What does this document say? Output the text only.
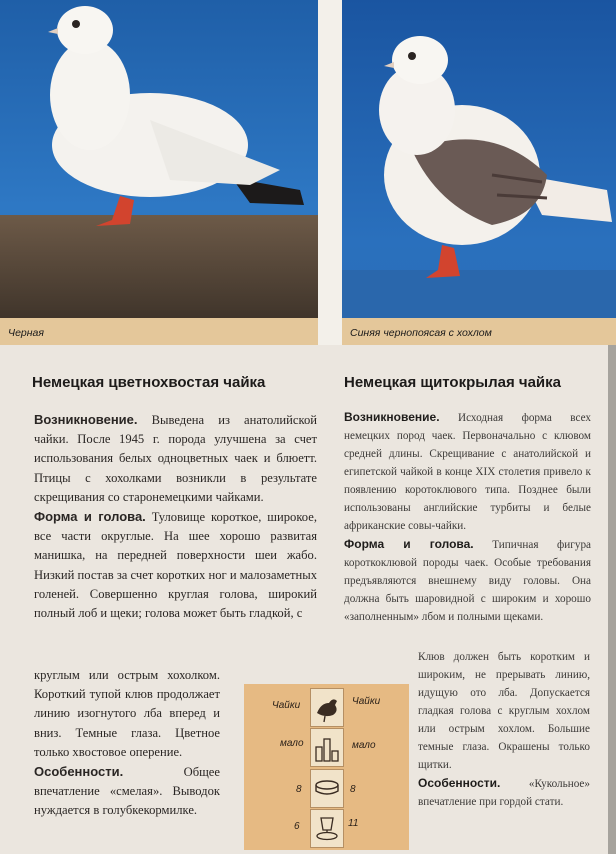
Черная	Синяя чернопоясая с хохлом
Немецкая цветнохвостая чайка

Возникновение. Выведена из анатолийской чайки. После 1945 г. порода улучшена за счет использования белых одноцветных чаек и блюетт. Птицы с хохолками возникли в результате скрещивания со старонемецкими чайками.

Форма и голова. Туловище короткое, широкое, все части округлые. На шее хорошо развитая манишка, на передней поверхности шеи жабо. Низкий постав за счет коротких ног и малозаметных голеней. Совершенно круглая голова, широкий полный лоб и щеки; голова может быть гладкой, с

круглым или острым хохолком. Короткий тупой клюв продолжает линию изогнутого лба вперед и вниз. Темные глаза. Цветное только хвостовое оперение.

Особенности.	Общее впечатление «смелая». Выводок нуждается в голубкекормилке.

Немецкая щитокрылая чайка

Возникновение. Исходная форма всех немецких пород чаек. Первоначально с клювом средней длины. Скрещивание с анатолийской и египетской чайкой в конце XIX столетия привело к появлению коротоклювого типа. Позднее были использованы английские турбиты и белые африканские совы-чайки.

Форма и голова. Типичная фигура короткоклювой породы чаек. Особые требования предъявляются внешнему виду головы. Она должна быть шаровидной с широким и хорошо «заполненным» лбом и полными щеками.

Клюв должен быть коротким и широким, не прерывать линию, идущую ото лба. Допускается гладкая голова с круглым хохлом или острым хохлом. Большие темные глаза. Окрашены только щитки.

Особенности.	«Кукольное» впечатление при гордой стати.

Чайки	Чайки
мало	мало
8	8
6	11
